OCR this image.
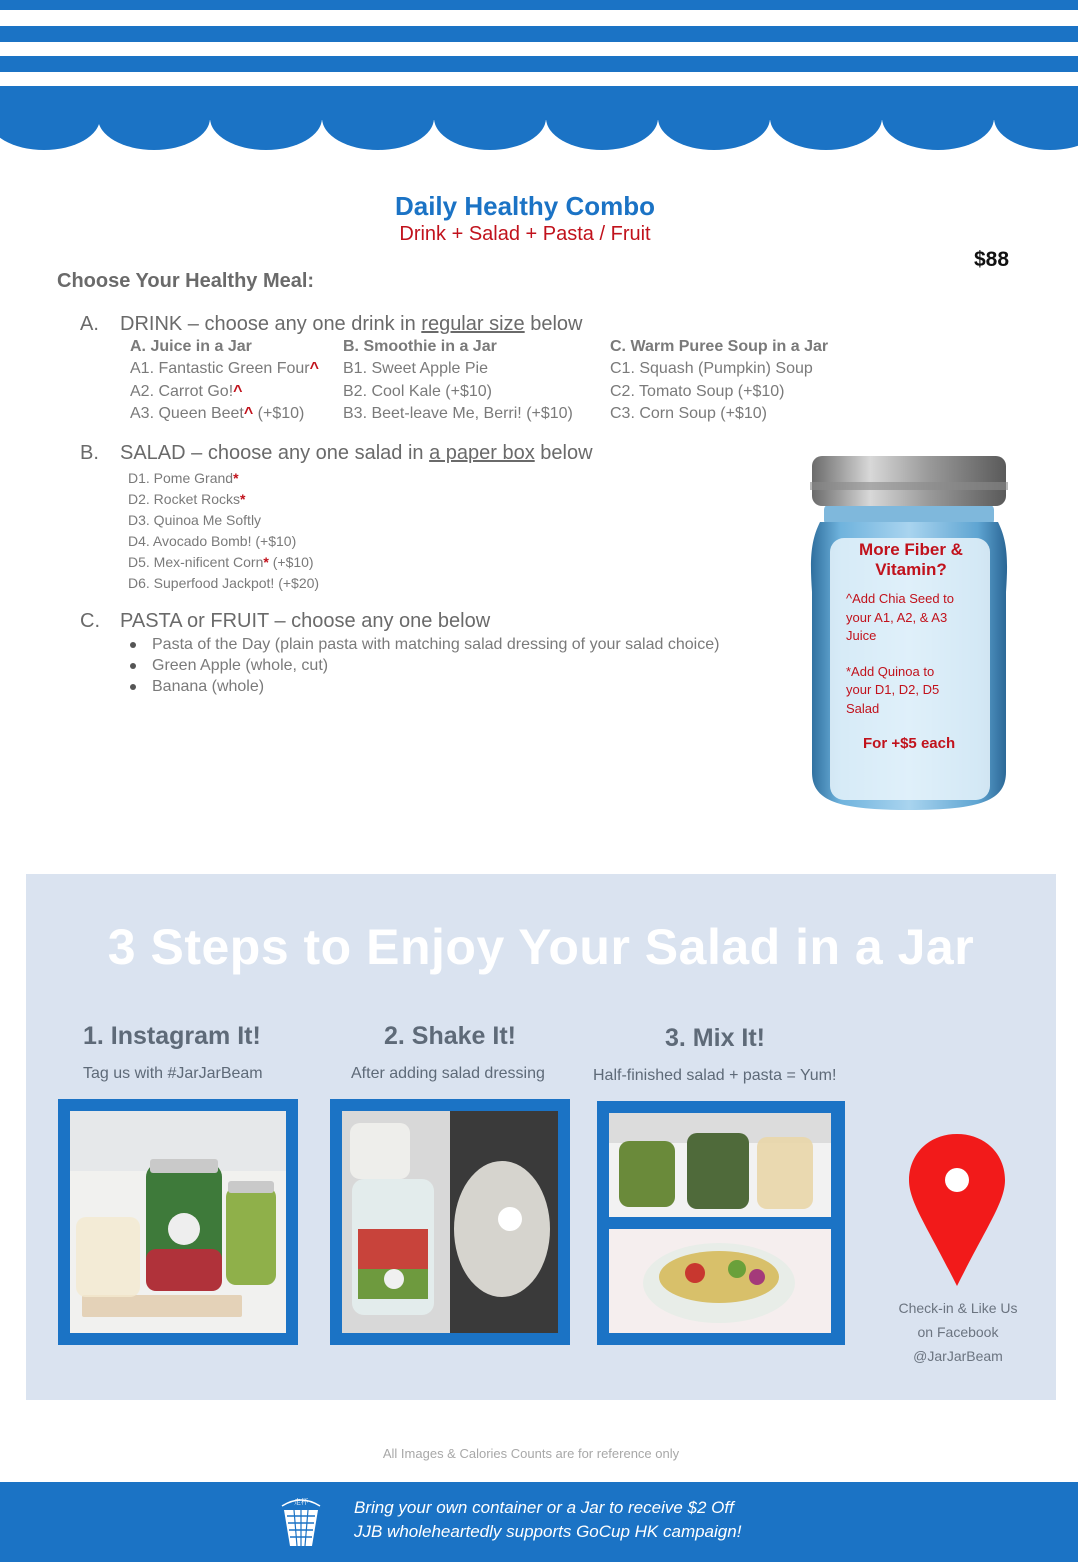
Daily Healthy Combo
Drink + Salad + Pasta / Fruit
$88
Choose Your Healthy Meal:
A. DRINK – choose any one drink in regular size below
A. Juice in a Jar
A1. Fantastic Green Four^
A2. Carrot Go!^
A3. Queen Beet^ (+$10)
B. Smoothie in a Jar
B1. Sweet Apple Pie
B2. Cool Kale (+$10)
B3. Beet-leave Me, Berri! (+$10)
C. Warm Puree Soup in a Jar
C1. Squash (Pumpkin) Soup
C2. Tomato Soup (+$10)
C3. Corn Soup (+$10)
B. SALAD – choose any one salad in a paper box below
D1. Pome Grand*
D2. Rocket Rocks*
D3. Quinoa Me Softly
D4. Avocado Bomb! (+$10)
D5. Mex-nificent Corn* (+$10)
D6. Superfood Jackpot! (+$20)
C. PASTA or FRUIT – choose any one below
Pasta of the Day (plain pasta with matching salad dressing of your salad choice)
Green Apple (whole, cut)
Banana (whole)
More Fiber &
Vitamin?
^Add Chia Seed to
your A1, A2, & A3
Juice
*Add Quinoa to
your D1, D2, D5
Salad
For +$5 each
3 Steps to Enjoy Your Salad in a Jar
1. Instagram It!
Tag us with #JarJarBeam
2. Shake It!
After adding salad dressing
3. Mix It!
Half-finished salad + pasta = Yum!
Check-in & Like Us
on Facebook
@JarJarBeam
All Images & Calories Counts are for reference only
走杯	Bring your own container or a Jar to receive $2 Off
JJB wholeheartedly supports GoCup HK campaign!
